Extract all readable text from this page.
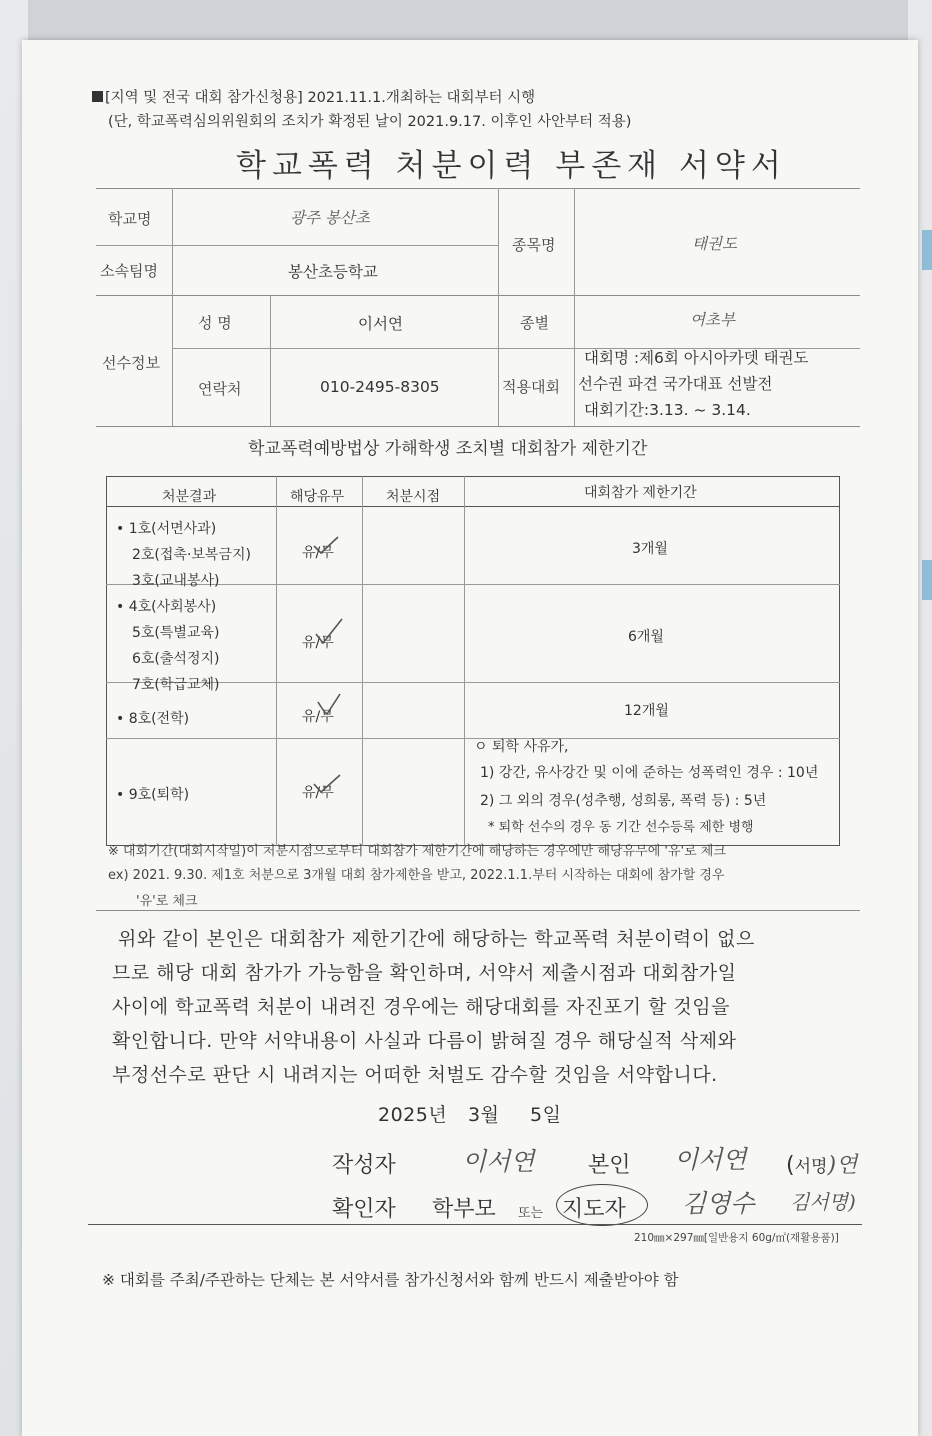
[지역 및 전국 대회 참가신청용] 2021.11.1.개최하는 대회부터 시행
(단, 학교폭력심의위원회의 조치가 확정된 날이 2021.9.17. 이후인 사안부터 적용)
학교폭력 처분이력 부존재 서약서
학교명	광주 봉산초
소속팀명	봉산초등학교
종목명	태권도
선수정보
성 명	이서연	종별	여초부
연락처	010-2495-8305	적용대회
대회명 :제6회 아시아카뎃 태권도
선수권 파견 국가대표 선발전
대회기간:3.13. ~ 3.14.
학교폭력예방법상 가해학생 조치별 대회참가 제한기간
처분결과	해당유무	처분시점	대회참가 제한기간
• 1호(서면사과)
2호(접촉·보복금지)
3호(교내봉사)
유/무	3개월
• 4호(사회봉사)
5호(특별교육)
6호(출석정지)
7호(학급교체)
유/무	6개월
• 8호(전학)	유/무	12개월
• 9호(퇴학)	유/무
ㅇ 퇴학 사유가,
1) 강간, 유사강간 및 이에 준하는 성폭력인 경우 : 10년
2) 그 외의 경우(성추행, 성희롱, 폭력 등) : 5년
* 퇴학 선수의 경우 동 기간 선수등록 제한 병행
※ 대회기간(대회시작일)이 처분시점으로부터 대회참가 제한기간에 해당하는 경우에만 해당유무에 '유'로 체크
ex) 2021. 9.30. 제1호 처분으로 3개월 대회 참가제한을 받고, 2022.1.1.부터 시작하는 대회에 참가할 경우
'유'로 체크
위와 같이 본인은 대회참가 제한기간에 해당하는 학교폭력 처분이력이 없으
므로 해당 대회 참가가 가능함을 확인하며, 서약서 제출시점과 대회참가일
사이에 학교폭력 처분이 내려진 경우에는 해당대회를 자진포기 할 것임을
확인합니다. 만약 서약내용이 사실과 다름이 밝혀질 경우 해당실적 삭제와
부정선수로 판단 시 내려지는 어떠한 처벌도 감수할 것임을 서약합니다.
2025년 3월 5일
작성자	이서연 본인 이서연 (서명)연
확인자 학부모 또는 지도자 김영수 김서명)
210㎜×297㎜[일반용지 60g/㎡(재활용품)]
※ 대회를 주최/주관하는 단체는 본 서약서를 참가신청서와 함께 반드시 제출받아야 함
